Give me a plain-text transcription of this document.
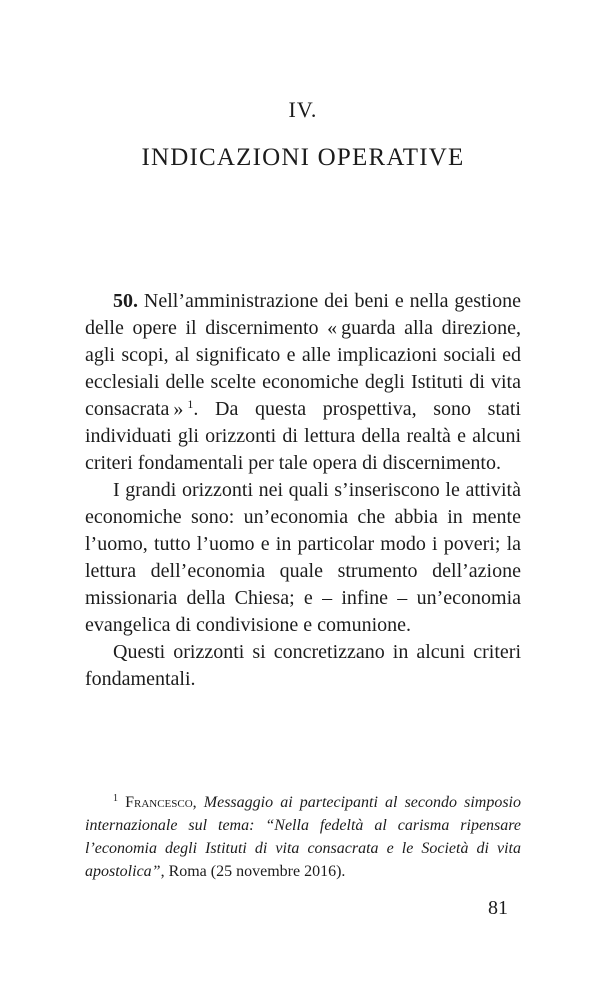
IV.
INDICAZIONI OPERATIVE

50. Nell’amministrazione dei beni e nella gestione delle opere il discernimento « guarda alla direzione, agli scopi, al significato e alle implicazioni sociali ed ecclesiali delle scelte economiche degli Istituti di vita consacrata » $^1$. Da questa prospettiva, sono stati individuati gli orizzonti di lettura della realtà e alcuni criteri fondamentali per tale opera di discernimento.

I grandi orizzonti nei quali s’inseriscono le attività economiche sono: un’economia che abbia in mente l’uomo, tutto l’uomo e in particolar modo i poveri; la lettura dell’economia quale strumento dell’azione missionaria della Chiesa; e – infine – un’economia evangelica di condivisione e comunione.

Questi orizzonti si concretizzano in alcuni criteri fondamentali.

$^1$ Francesco, Messaggio ai partecipanti al secondo simposio internazionale sul tema: “Nella fedeltà al carisma ripensare l’economia degli Istituti di vita consacrata e le Società di vita apostolica”, Roma (25 novembre 2016).

81
